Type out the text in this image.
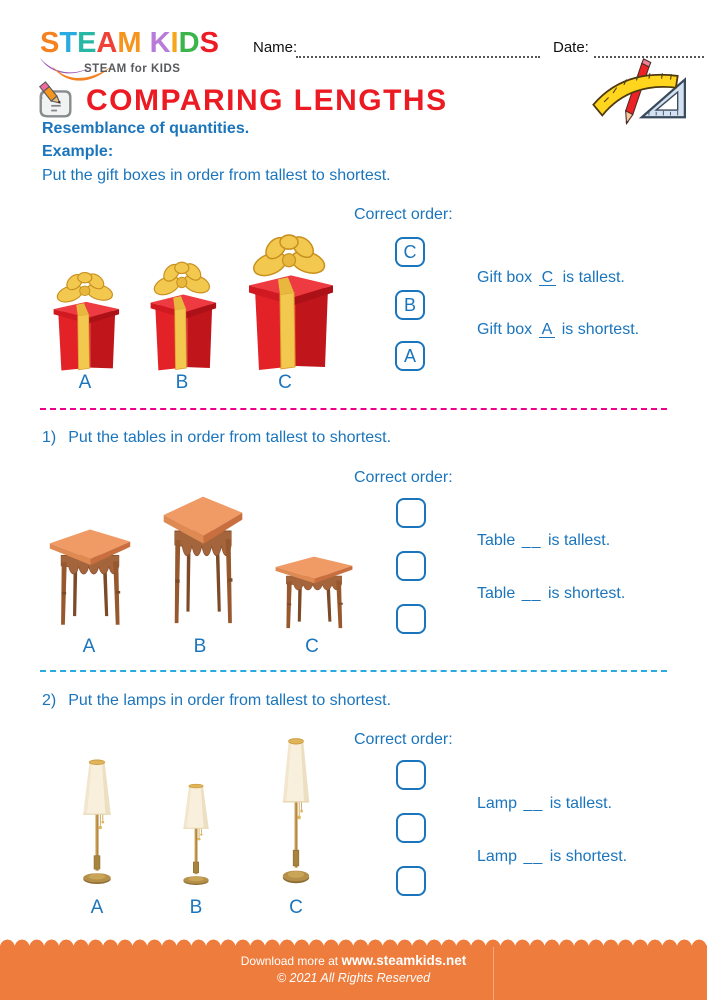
STEAM KIDS
STEAM for KIDS
Name:	Date:
COMPARING LENGTHS
Resemblance of quantities.
Example:
Put the gift boxes in order from tallest to shortest.
Correct order:
A	B	C
C
B
A
Gift box C is tallest.
Gift box A is shortest.
1) Put the tables in order from tallest to shortest.
Correct order:
A	B	C
Table __ is tallest.
Table __ is shortest.
2) Put the lamps in order from tallest to shortest.
Correct order:
A	B	C
Lamp __ is tallest.
Lamp __ is shortest.
Download more at www.steamkids.net
© 2021 All Rights Reserved
